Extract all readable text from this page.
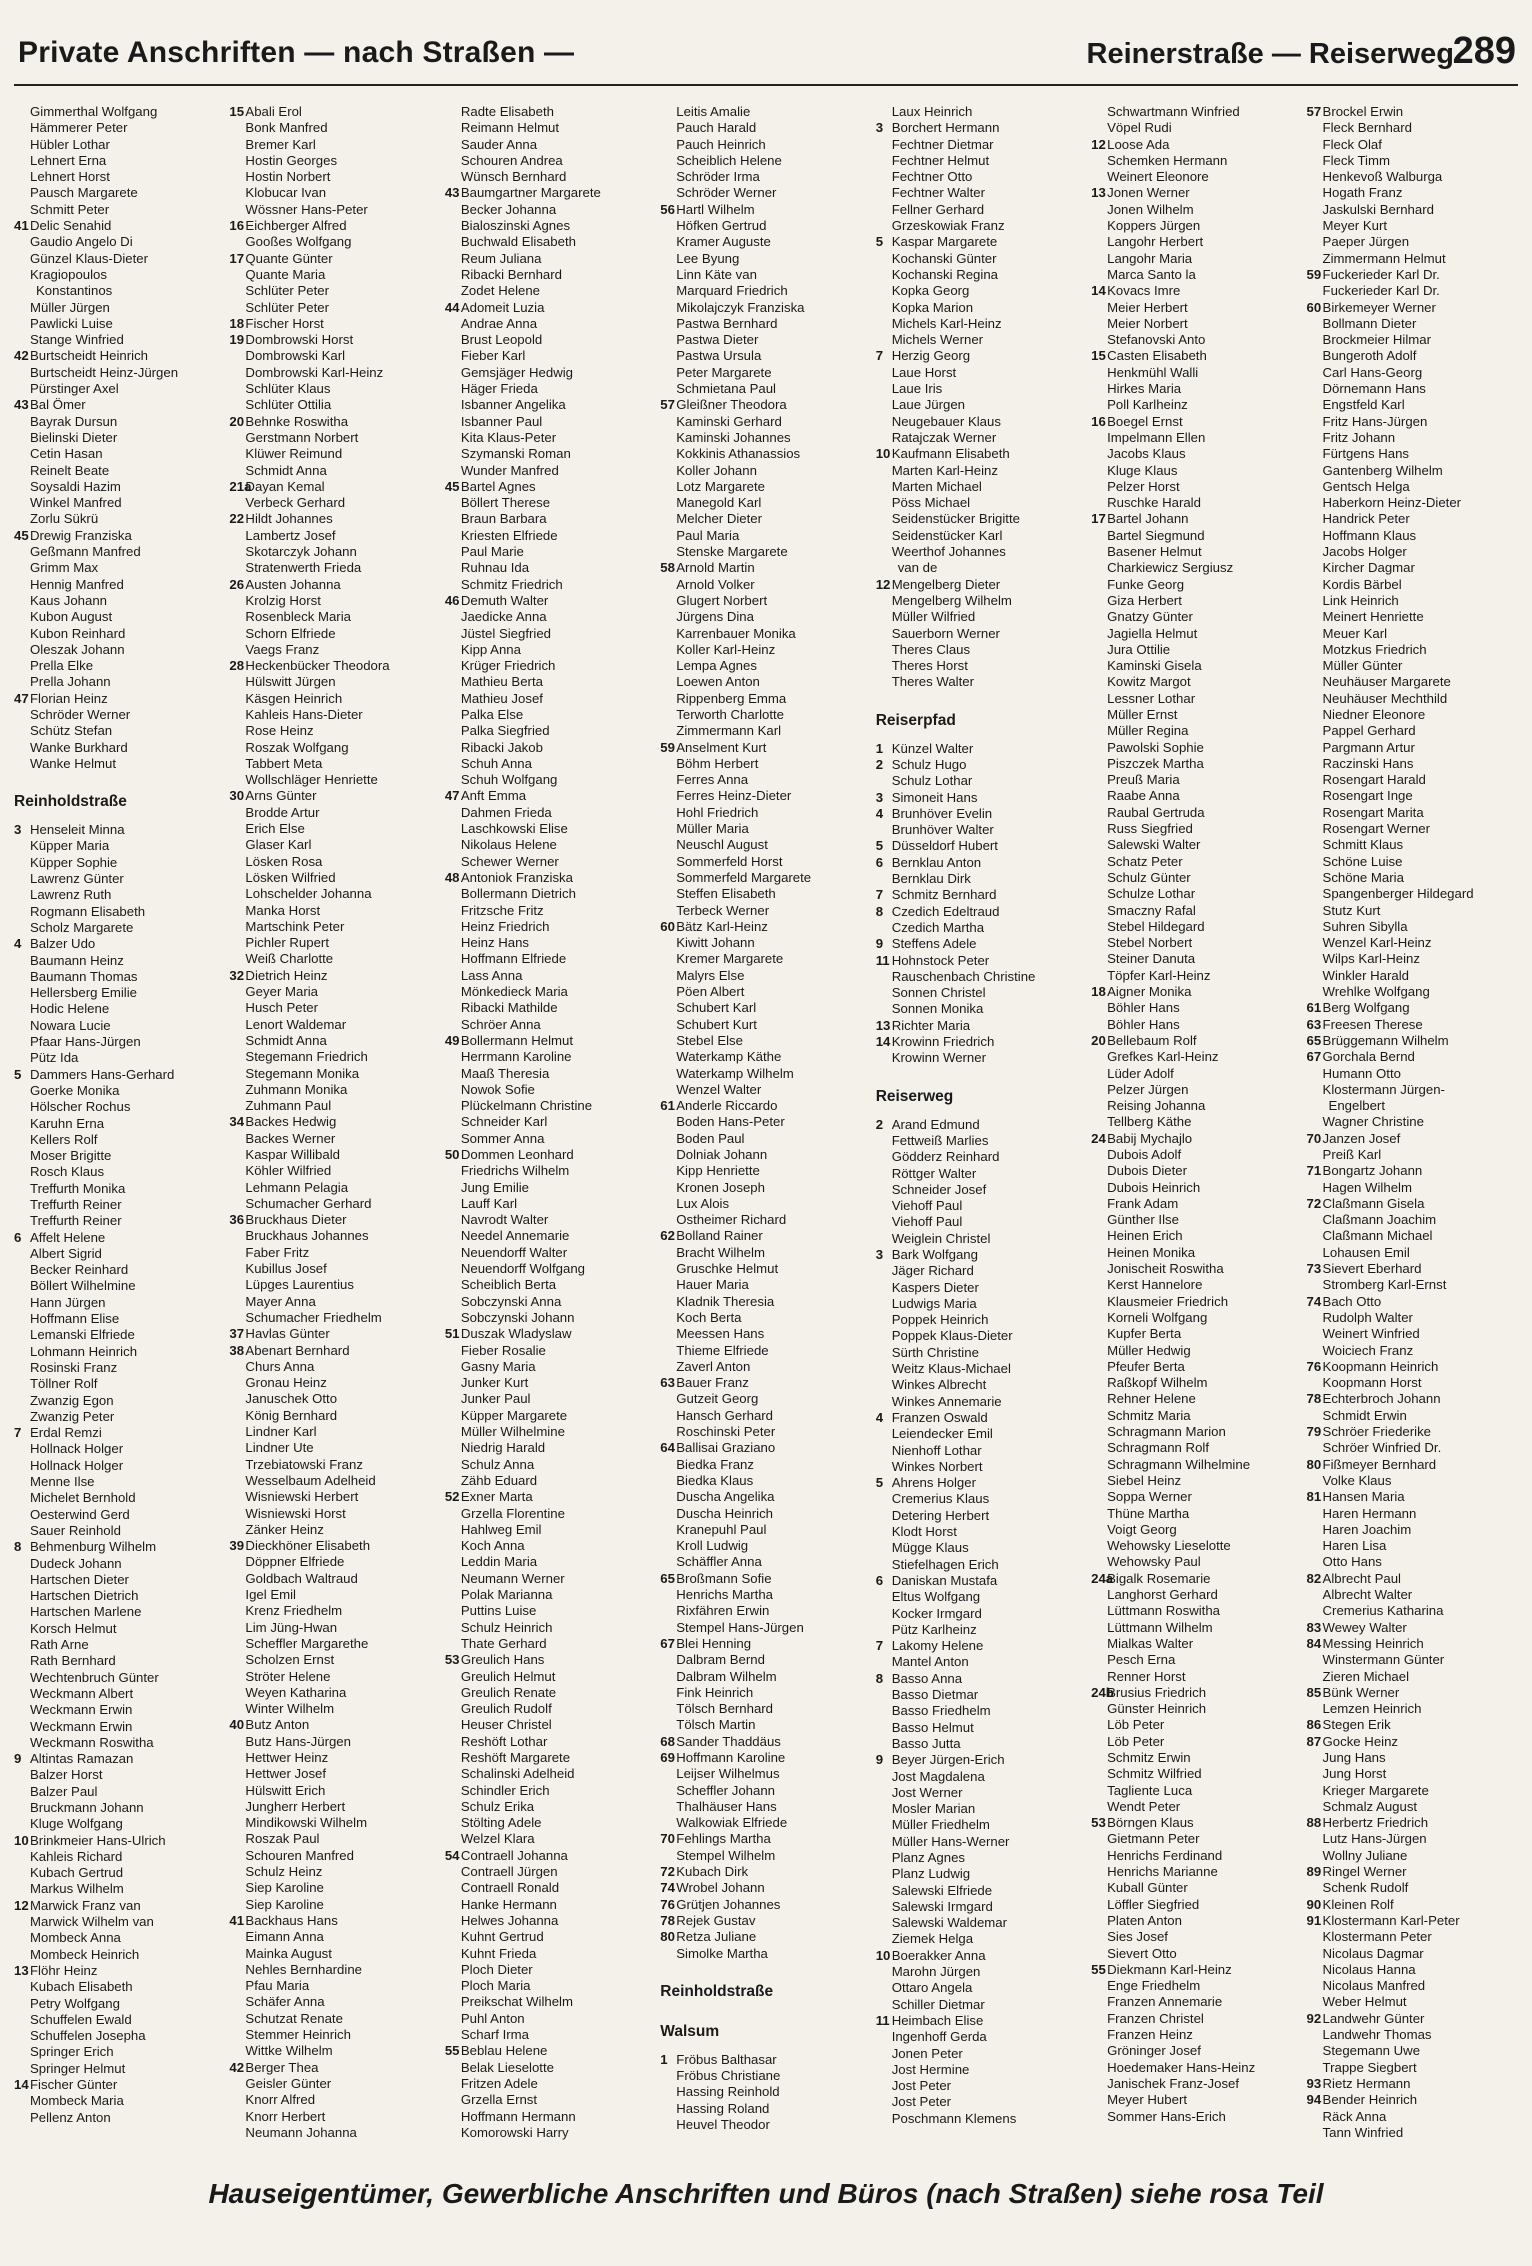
Private Anschriften — nach Straßen —	Reinerstraße — Reiserweg
289
Gimmerthal Wolfgang
Hämmerer Peter
Hübler Lothar
Lehnert Erna
Lehnert Horst
Pausch Margarete
Schmitt Peter
41 Delic Senahid
Gaudio Angelo Di
Günzel Klaus-Dieter
Kragiopoulos
Konstantinos
Müller Jürgen
Pawlicki Luise
Stange Winfried
42 Burtscheidt Heinrich
Burtscheidt Heinz-Jürgen
Pürstinger Axel
43 Bal Ömer
Bayrak Dursun
Bielinski Dieter
Cetin Hasan
Reinelt Beate
Soysaldi Hazim
Winkel Manfred
Zorlu Sükrü
45 Drewig Franziska
Geßmann Manfred
Grimm Max
Hennig Manfred
Kaus Johann
Kubon August
Kubon Reinhard
Oleszak Johann
Prella Elke
Prella Johann
47 Florian Heinz
Schröder Werner
Schütz Stefan
Wanke Burkhard
Wanke Helmut
Reinholdstraße
3 Henseleit Minna
Küpper Maria
Küpper Sophie
Lawrenz Günter
Lawrenz Ruth
Rogmann Elisabeth
Scholz Margarete
4 Balzer Udo
Baumann Heinz
Baumann Thomas
Hellersberg Emilie
Hodic Helene
Nowara Lucie
Pfaar Hans-Jürgen
Pütz Ida
5 Dammers Hans-Gerhard
Goerke Monika
Hölscher Rochus
Karuhn Erna
Kellers Rolf
Moser Brigitte
Rosch Klaus
Treffurth Monika
Treffurth Reiner
Treffurth Reiner
6 Affelt Helene
Albert Sigrid
Becker Reinhard
Böllert Wilhelmine
Hann Jürgen
Hoffmann Elise
Lemanski Elfriede
Lohmann Heinrich
Rosinski Franz
Töllner Rolf
Zwanzig Egon
Zwanzig Peter
7 Erdal Remzi
Hollnack Holger
Hollnack Holger
Menne Ilse
Michelet Bernhold
Oesterwind Gerd
Sauer Reinhold
8 Behmenburg Wilhelm
Dudeck Johann
Hartschen Dieter
Hartschen Dietrich
Hartschen Marlene
Korsch Helmut
Rath Arne
Rath Bernhard
Wechtenbruch Günter
Weckmann Albert
Weckmann Erwin
Weckmann Erwin
Weckmann Roswitha
9 Altintas Ramazan
Balzer Horst
Balzer Paul
Bruckmann Johann
Kluge Wolfgang
10 Brinkmeier Hans-Ulrich
Kahleis Richard
Kubach Gertrud
Markus Wilhelm
12 Marwick Franz van
Marwick Wilhelm van
Mombeck Anna
Mombeck Heinrich
13 Flöhr Heinz
Kubach Elisabeth
Petry Wolfgang
Schuffelen Ewald
Schuffelen Josepha
Springer Erich
Springer Helmut
14 Fischer Günter
Mombeck Maria
Pellenz Anton
15 Abali Erol
Bonk Manfred
Bremer Karl
Hostin Georges
Hostin Norbert
Klobucar Ivan
Wössner Hans-Peter
16 Eichberger Alfred
Gooßes Wolfgang
17 Quante Günter
Quante Maria
Schlüter Peter
Schlüter Peter
18 Fischer Horst
19 Dombrowski Horst
Dombrowski Karl
Dombrowski Karl-Heinz
Schlüter Klaus
Schlüter Ottilia
20 Behnke Roswitha
Gerstmann Norbert
Klüwer Reimund
Schmidt Anna
21a
Dayan Kemal
Verbeck Gerhard
22 Hildt Johannes
Lambertz Josef
Skotarczyk Johann
Stratenwerth Frieda
26 Austen Johanna
Krolzig Horst
Rosenbleck Maria
Schorn Elfriede
Vaegs Franz
28 Heckenbücker Theodora
Hülswitt Jürgen
Käsgen Heinrich
Kahleis Hans-Dieter
Rose Heinz
Roszak Wolfgang
Tabbert Meta
Wollschläger Henriette
30 Arns Günter
Brodde Artur
Erich Else
Glaser Karl
Lösken Rosa
Lösken Wilfried
Lohschelder Johanna
Manka Horst
Martschink Peter
Pichler Rupert
Weiß Charlotte
32 Dietrich Heinz
Geyer Maria
Husch Peter
Lenort Waldemar
Schmidt Anna
Stegemann Friedrich
Stegemann Monika
Zuhmann Monika
Zuhmann Paul
34 Backes Hedwig
Backes Werner
Kaspar Willibald
Köhler Wilfried
Lehmann Pelagia
Schumacher Gerhard
36 Bruckhaus Dieter
Bruckhaus Johannes
Faber Fritz
Kubillus Josef
Lüpges Laurentius
Mayer Anna
Schumacher Friedhelm
37 Havlas Günter
38 Abenart Bernhard
Churs Anna
Gronau Heinz
Januschek Otto
König Bernhard
Lindner Karl
Lindner Ute
Trzebiatowski Franz
Wesselbaum Adelheid
Wisniewski Herbert
Wisniewski Horst
Zänker Heinz
39 Dieckhöner Elisabeth
Döppner Elfriede
Goldbach Waltraud
Igel Emil
Krenz Friedhelm
Lim Jüng-Hwan
Scheffler Margarethe
Scholzen Ernst
Ströter Helene
Weyen Katharina
Winter Wilhelm
40 Butz Anton
Butz Hans-Jürgen
Hettwer Heinz
Hettwer Josef
Hülswitt Erich
Jungherr Herbert
Mindikowski Wilhelm
Roszak Paul
Schouren Manfred
Schulz Heinz
Siep Karoline
Siep Karoline
41 Backhaus Hans
Eimann Anna
Mainka August
Nehles Bernhardine
Pfau Maria
Schäfer Anna
Schutzat Renate
Stemmer Heinrich
Wittke Wilhelm
42 Berger Thea
Geisler Günter
Knorr Alfred
Knorr Herbert
Neumann Johanna
Radte Elisabeth
Reimann Helmut
Sauder Anna
Schouren Andrea
Wünsch Bernhard
43 Baumgartner Margarete
Becker Johanna
Bialoszinski Agnes
Buchwald Elisabeth
Reum Juliana
Ribacki Bernhard
Zodet Helene
44 Adomeit Luzia
Andrae Anna
Brust Leopold
Fieber Karl
Gemsjäger Hedwig
Häger Frieda
Isbanner Angelika
Isbanner Paul
Kita Klaus-Peter
Szymanski Roman
Wunder Manfred
45 Bartel Agnes
Böllert Therese
Braun Barbara
Kriesten Elfriede
Paul Marie
Ruhnau Ida
Schmitz Friedrich
46 Demuth Walter
Jaedicke Anna
Jüstel Siegfried
Kipp Anna
Krüger Friedrich
Mathieu Berta
Mathieu Josef
Palka Else
Palka Siegfried
Ribacki Jakob
Schuh Anna
Schuh Wolfgang
47 Anft Emma
Dahmen Frieda
Laschkowski Elise
Nikolaus Helene
Schewer Werner
48 Antoniok Franziska
Bollermann Dietrich
Fritzsche Fritz
Heinz Friedrich
Heinz Hans
Hoffmann Elfriede
Lass Anna
Mönkedieck Maria
Ribacki Mathilde
Schröer Anna
49 Bollermann Helmut
Herrmann Karoline
Maaß Theresia
Nowok Sofie
Plückelmann Christine
Schneider Karl
Sommer Anna
50 Dommen Leonhard
Friedrichs Wilhelm
Jung Emilie
Lauff Karl
Navrodt Walter
Needel Annemarie
Neuendorff Walter
Neuendorff Wolfgang
Scheiblich Berta
Sobczynski Anna
Sobczynski Johann
51 Duszak Wladyslaw
Fieber Rosalie
Gasny Maria
Junker Kurt
Junker Paul
Küpper Margarete
Müller Wilhelmine
Niedrig Harald
Schulz Anna
Zähb Eduard
52 Exner Marta
Grzella Florentine
Hahlweg Emil
Koch Anna
Leddin Maria
Neumann Werner
Polak Marianna
Puttins Luise
Schulz Heinrich
Thate Gerhard
53 Greulich Hans
Greulich Helmut
Greulich Renate
Greulich Rudolf
Heuser Christel
Reshöft Lothar
Reshöft Margarete
Schalinski Adelheid
Schindler Erich
Schulz Erika
Stölting Adele
Welzel Klara
54 Contraell Johanna
Contraell Jürgen
Contraell Ronald
Hanke Hermann
Helwes Johanna
Kuhnt Gertrud
Kuhnt Frieda
Ploch Dieter
Ploch Maria
Preikschat Wilhelm
Puhl Anton
Scharf Irma
55 Beblau Helene
Belak Lieselotte
Fritzen Adele
Grzella Ernst
Hoffmann Hermann
Komorowski Harry
Leitis Amalie
Pauch Harald
Pauch Heinrich
Scheiblich Helene
Schröder Irma
Schröder Werner
56 Hartl Wilhelm
Höfken Gertrud
Kramer Auguste
Lee Byung
Linn Käte van
Marquard Friedrich
Mikolajczyk Franziska
Pastwa Bernhard
Pastwa Dieter
Pastwa Ursula
Peter Margarete
Schmietana Paul
57 Gleißner Theodora
Kaminski Gerhard
Kaminski Johannes
Kokkinis Athanassios
Koller Johann
Lotz Margarete
Manegold Karl
Melcher Dieter
Paul Maria
Stenske Margarete
58 Arnold Martin
Arnold Volker
Glugert Norbert
Jürgens Dina
Karrenbauer Monika
Koller Karl-Heinz
Lempa Agnes
Loewen Anton
Rippenberg Emma
Terworth Charlotte
Zimmermann Karl
59 Anselment Kurt
Böhm Herbert
Ferres Anna
Ferres Heinz-Dieter
Hohl Friedrich
Müller Maria
Neuschl August
Sommerfeld Horst
Sommerfeld Margarete
Steffen Elisabeth
Terbeck Werner
60 Bätz Karl-Heinz
Kiwitt Johann
Kremer Margarete
Malyrs Else
Pöen Albert
Schubert Karl
Schubert Kurt
Stebel Else
Waterkamp Käthe
Waterkamp Wilhelm
Wenzel Walter
61 Anderle Riccardo
Boden Hans-Peter
Boden Paul
Dolniak Johann
Kipp Henriette
Kronen Joseph
Lux Alois
Ostheimer Richard
62 Bolland Rainer
Bracht Wilhelm
Gruschke Helmut
Hauer Maria
Kladnik Theresia
Koch Berta
Meessen Hans
Thieme Elfriede
Zaverl Anton
63 Bauer Franz
Gutzeit Georg
Hansch Gerhard
Roschinski Peter
64 Ballisai Graziano
Biedka Franz
Biedka Klaus
Duscha Angelika
Duscha Heinrich
Kranepuhl Paul
Kroll Ludwig
Schäffler Anna
65 Broßmann Sofie
Henrichs Martha
Rixfähren Erwin
Stempel Hans-Jürgen
67 Blei Henning
Dalbram Bernd
Dalbram Wilhelm
Fink Heinrich
Tölsch Bernhard
Tölsch Martin
68 Sander Thaddäus
69 Hoffmann Karoline
Leijser Wilhelmus
Scheffler Johann
Thalhäuser Hans
Walkowiak Elfriede
70 Fehlings Martha
Stempel Wilhelm
72 Kubach Dirk
74 Wrobel Johann
76 Grütjen Johannes
78 Rejek Gustav
80 Retza Juliane
Simolke Martha
Reinholdstraße
Walsum
1 Fröbus Balthasar
Fröbus Christiane
Hassing Reinhold
Hassing Roland
Heuvel Theodor
Laux Heinrich
3 Borchert Hermann
Fechtner Dietmar
Fechtner Helmut
Fechtner Otto
Fechtner Walter
Fellner Gerhard
Grzeskowiak Franz
5 Kaspar Margarete
Kochanski Günter
Kochanski Regina
Kopka Georg
Kopka Marion
Michels Karl-Heinz
Michels Werner
7 Herzig Georg
Laue Horst
Laue Iris
Laue Jürgen
Neugebauer Klaus
Ratajczak Werner
10 Kaufmann Elisabeth
Marten Karl-Heinz
Marten Michael
Pöss Michael
Seidenstücker Brigitte
Seidenstücker Karl
Weerthof Johannes
van de
12 Mengelberg Dieter
Mengelberg Wilhelm
Müller Wilfried
Sauerborn Werner
Theres Claus
Theres Horst
Theres Walter
Reiserpfad
1 Künzel Walter
2 Schulz Hugo
Schulz Lothar
3 Simoneit Hans
4 Brunhöver Evelin
Brunhöver Walter
5 Düsseldorf Hubert
6 Bernklau Anton
Bernklau Dirk
7 Schmitz Bernhard
8 Czedich Edeltraud
Czedich Martha
9 Steffens Adele
11 Hohnstock Peter
Rauschenbach Christine
Sonnen Christel
Sonnen Monika
13 Richter Maria
14 Krowinn Friedrich
Krowinn Werner
Reiserweg
2 Arand Edmund
Fettweiß Marlies
Gödderz Reinhard
Röttger Walter
Schneider Josef
Viehoff Paul
Viehoff Paul
Weiglein Christel
3 Bark Wolfgang
Jäger Richard
Kaspers Dieter
Ludwigs Maria
Poppek Heinrich
Poppek Klaus-Dieter
Sürth Christine
Weitz Klaus-Michael
Winkes Albrecht
Winkes Annemarie
4 Franzen Oswald
Leiendecker Emil
Nienhoff Lothar
Winkes Norbert
5 Ahrens Holger
Cremerius Klaus
Detering Herbert
Klodt Horst
Mügge Klaus
Stiefelhagen Erich
6 Daniskan Mustafa
Eltus Wolfgang
Kocker Irmgard
Pütz Karlheinz
7 Lakomy Helene
Mantel Anton
8 Basso Anna
Basso Dietmar
Basso Friedhelm
Basso Helmut
Basso Jutta
9 Beyer Jürgen-Erich
Jost Magdalena
Jost Werner
Mosler Marian
Müller Friedhelm
Müller Hans-Werner
Planz Agnes
Planz Ludwig
Salewski Elfriede
Salewski Irmgard
Salewski Waldemar
Ziemek Helga
10 Boerakker Anna
Marohn Jürgen
Ottaro Angela
Schiller Dietmar
11 Heimbach Elise
Ingenhoff Gerda
Jonen Peter
Jost Hermine
Jost Peter
Jost Peter
Poschmann Klemens
Schwartmann Winfried
Vöpel Rudi
12 Loose Ada
Schemken Hermann
Weinert Eleonore
13 Jonen Werner
Jonen Wilhelm
Koppers Jürgen
Langohr Herbert
Langohr Maria
Marca Santo la
14 Kovacs Imre
Meier Herbert
Meier Norbert
Stefanovski Anto
15 Casten Elisabeth
Henkmühl Walli
Hirkes Maria
Poll Karlheinz
16 Boegel Ernst
Impelmann Ellen
Jacobs Klaus
Kluge Klaus
Pelzer Horst
Ruschke Harald
17 Bartel Johann
Bartel Siegmund
Basener Helmut
Charkiewicz Sergiusz
Funke Georg
Giza Herbert
Gnatzy Günter
Jagiella Helmut
Jura Ottilie
Kaminski Gisela
Kowitz Margot
Lessner Lothar
Müller Ernst
Müller Regina
Pawolski Sophie
Piszczek Martha
Preuß Maria
Raabe Anna
Raubal Gertruda
Russ Siegfried
Salewski Walter
Schatz Peter
Schulz Günter
Schulze Lothar
Smaczny Rafal
Stebel Hildegard
Stebel Norbert
Steiner Danuta
Töpfer Karl-Heinz
18 Aigner Monika
Böhler Hans
Böhler Hans
20 Bellebaum Rolf
Grefkes Karl-Heinz
Lüder Adolf
Pelzer Jürgen
Reising Johanna
Tellberg Käthe
24 Babij Mychajlo
Dubois Adolf
Dubois Dieter
Dubois Heinrich
Frank Adam
Günther Ilse
Heinen Erich
Heinen Monika
Jonischeit Roswitha
Kerst Hannelore
Klausmeier Friedrich
Korneli Wolfgang
Kupfer Berta
Müller Hedwig
Pfeufer Berta
Raßkopf Wilhelm
Rehner Helene
Schmitz Maria
Schragmann Marion
Schragmann Rolf
Schragmann Wilhelmine
Siebel Heinz
Soppa Werner
Thüne Martha
Voigt Georg
Wehowsky Lieselotte
Wehowsky Paul
24a
Bigalk Rosemarie
Langhorst Gerhard
Lüttmann Roswitha
Lüttmann Wilhelm
Mialkas Walter
Pesch Erna
Renner Horst
24b
Brusius Friedrich
Günster Heinrich
Löb Peter
Löb Peter
Schmitz Erwin
Schmitz Wilfried
Tagliente Luca
Wendt Peter
53 Börngen Klaus
Gietmann Peter
Henrichs Ferdinand
Henrichs Marianne
Kuball Günter
Löffler Siegfried
Platen Anton
Sies Josef
Sievert Otto
55 Diekmann Karl-Heinz
Enge Friedhelm
Franzen Annemarie
Franzen Christel
Franzen Heinz
Gröninger Josef
Hoedemaker Hans-Heinz
Janischek Franz-Josef
Meyer Hubert
Sommer Hans-Erich
57 Brockel Erwin
Fleck Bernhard
Fleck Olaf
Fleck Timm
Henkevoß Walburga
Hogath Franz
Jaskulski Bernhard
Meyer Kurt
Paeper Jürgen
Zimmermann Helmut
59 Fuckerieder Karl Dr.
Fuckerieder Karl Dr.
60 Birkemeyer Werner
Bollmann Dieter
Brockmeier Hilmar
Bungeroth Adolf
Carl Hans-Georg
Dörnemann Hans
Engstfeld Karl
Fritz Hans-Jürgen
Fritz Johann
Fürtgens Hans
Gantenberg Wilhelm
Gentsch Helga
Haberkorn Heinz-Dieter
Handrick Peter
Hoffmann Klaus
Jacobs Holger
Kircher Dagmar
Kordis Bärbel
Link Heinrich
Meinert Henriette
Meuer Karl
Motzkus Friedrich
Müller Günter
Neuhäuser Margarete
Neuhäuser Mechthild
Niedner Eleonore
Pappel Gerhard
Pargmann Artur
Raczinski Hans
Rosengart Harald
Rosengart Inge
Rosengart Marita
Rosengart Werner
Schmitt Klaus
Schöne Luise
Schöne Maria
Spangenberger Hildegard
Stutz Kurt
Suhren Sibylla
Wenzel Karl-Heinz
Wilps Karl-Heinz
Winkler Harald
Wrehlke Wolfgang
61 Berg Wolfgang
63 Freesen Therese
65 Brüggemann Wilhelm
67 Gorchala Bernd
Humann Otto
Klostermann Jürgen-
Engelbert
Wagner Christine
70 Janzen Josef
Preiß Karl
71 Bongartz Johann
Hagen Wilhelm
72 Claßmann Gisela
Claßmann Joachim
Claßmann Michael
Lohausen Emil
73 Sievert Eberhard
Stromberg Karl-Ernst
74 Bach Otto
Rudolph Walter
Weinert Winfried
Woiciech Franz
76 Koopmann Heinrich
Koopmann Horst
78 Echterbroch Johann
Schmidt Erwin
79 Schröer Friederike
Schröer Winfried Dr.
80 Fißmeyer Bernhard
Volke Klaus
81 Hansen Maria
Haren Hermann
Haren Joachim
Haren Lisa
Otto Hans
82 Albrecht Paul
Albrecht Walter
Cremerius Katharina
83 Wewey Walter
84 Messing Heinrich
Winstermann Günter
Zieren Michael
85 Bünk Werner
Lemzen Heinrich
86 Stegen Erik
87 Gocke Heinz
Jung Hans
Jung Horst
Krieger Margarete
Schmalz August
88 Herbertz Friedrich
Lutz Hans-Jürgen
Wollny Juliane
89 Ringel Werner
Schenk Rudolf
90 Kleinen Rolf
91 Klostermann Karl-Peter
Klostermann Peter
Nicolaus Dagmar
Nicolaus Hanna
Nicolaus Manfred
Weber Helmut
92 Landwehr Günter
Landwehr Thomas
Stegemann Uwe
Trappe Siegbert
93 Rietz Hermann
94 Bender Heinrich
Räck Anna
Tann Winfried
Hauseigentümer, Gewerbliche Anschriften und Büros (nach Straßen) siehe rosa Teil
